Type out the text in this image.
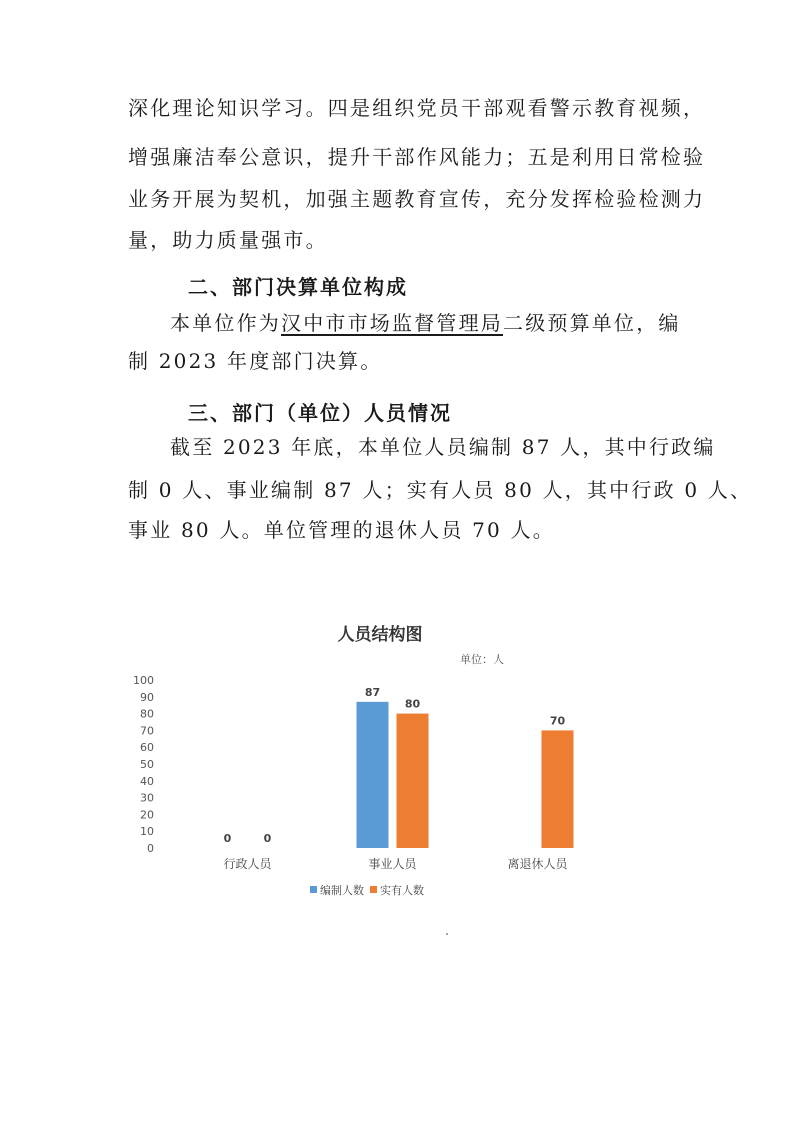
深化理论知识学习。四是组织党员干部观看警示教育视频，
增强廉洁奉公意识，提升干部作风能力；五是利用日常检验
业务开展为契机，加强主题教育宣传，充分发挥检验检测力
量，助力质量强市。
二、部门决算单位构成
本单位作为汉中市市场监督管理局二级预算单位，编
制 2023 年度部门决算。
三、部门（单位）人员情况
截至 2023 年底，本单位人员编制 87 人，其中行政编
制 0 人、事业编制 87 人；实有人员 80 人，其中行政 0 人、
事业 80 人。单位管理的退休人员 70 人。
人员结构图
单位：人
0
10
20
30
40
50
60
70
80
90
100
0	0
87
80
70
行政人员	事业人员	离退休人员
编制人数 实有人数
